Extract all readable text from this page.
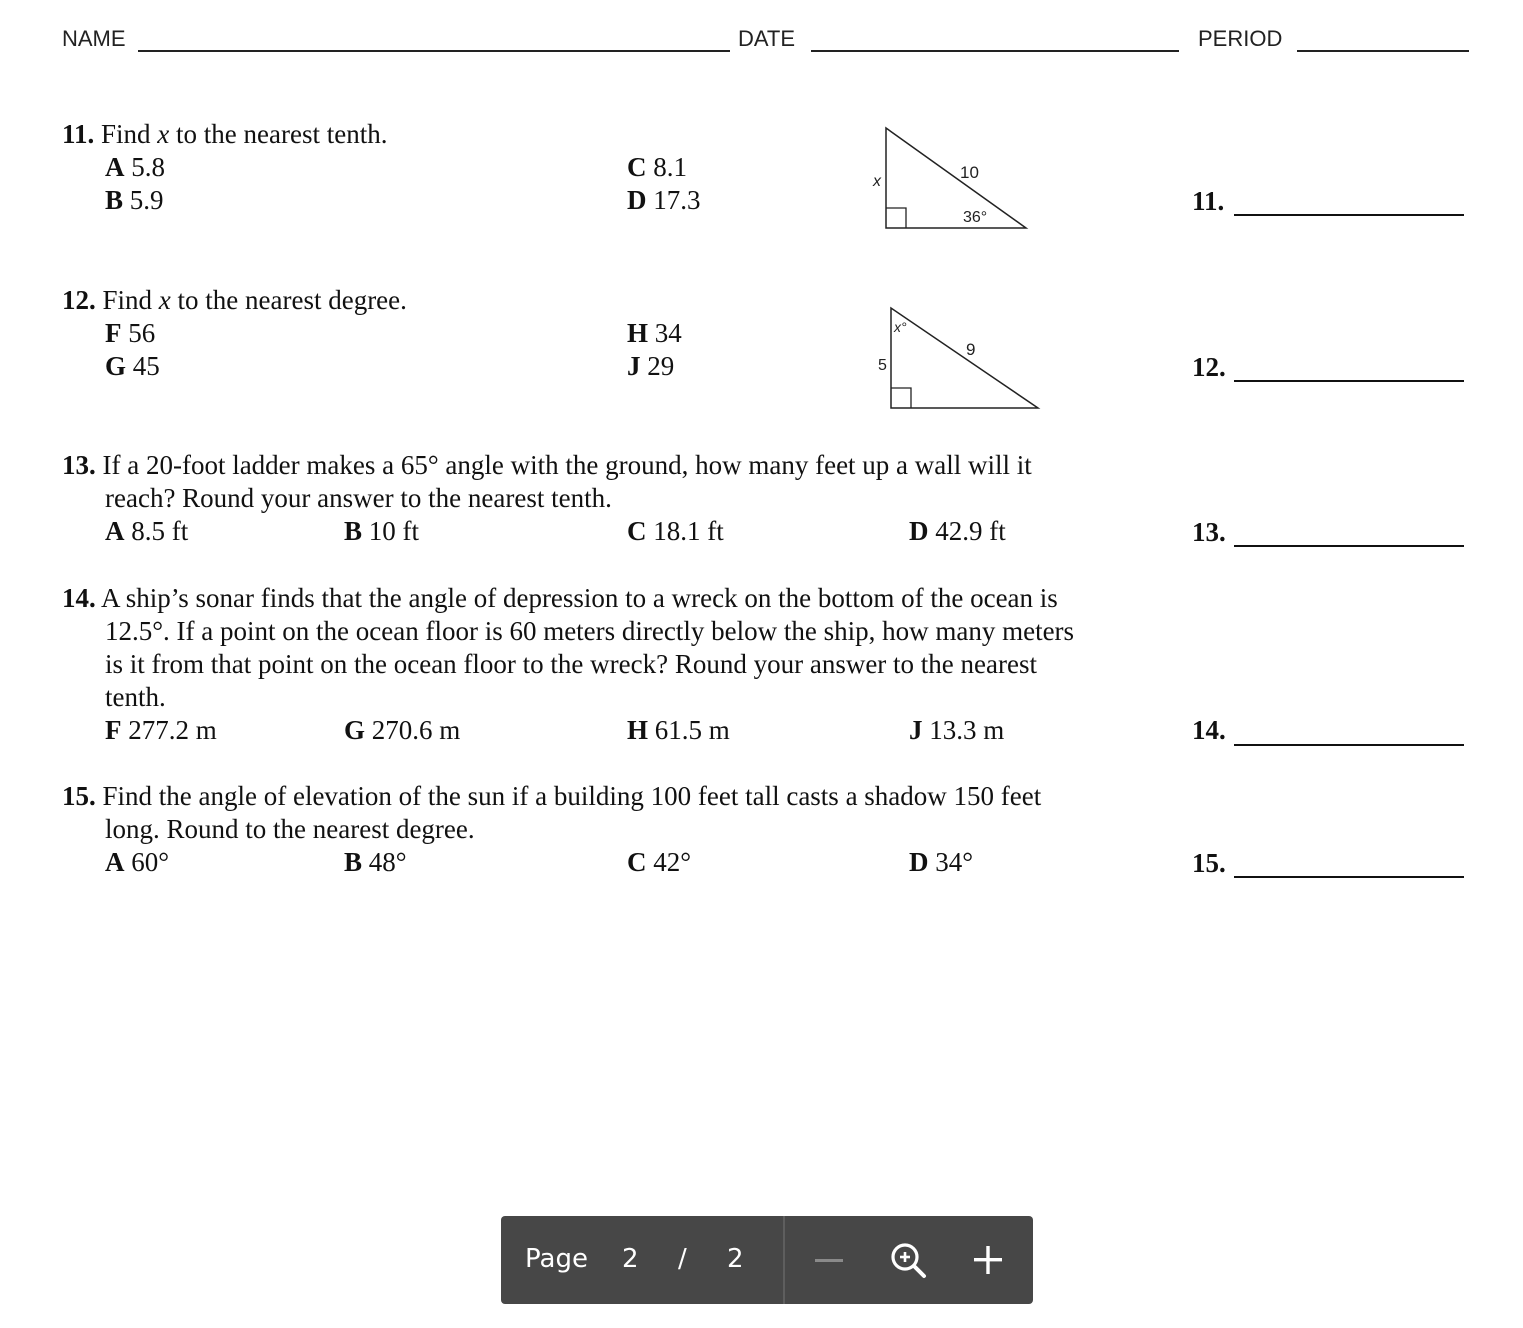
NAME	DATE	PERIOD
11. Find x to the nearest tenth.
A 5.8
B 5.9
C 8.1
D 17.3
x	10
36°
11.
12. Find x to the nearest degree.
F 56
G 45
H 34
J 29
x°
9
5	12.
13. If a 20-foot ladder makes a 65° angle with the ground, how many feet up a wall will it
reach? Round your answer to the nearest tenth.
A 8.5 ft	B 10 ft	C 18.1 ft	D 42.9 ft	13.
14. A ship’s sonar finds that the angle of depression to a wreck on the bottom of the ocean is
12.5°. If a point on the ocean floor is 60 meters directly below the ship, how many meters
is it from that point on the ocean floor to the wreck? Round your answer to the nearest
tenth.
F 277.2 m	G 270.6 m	H 61.5 m	J 13.3 m	14.
15. Find the angle of elevation of the sun if a building 100 feet tall casts a shadow 150 feet
long. Round to the nearest degree.
A 60°	B 48°	C 42°	D 34°	15.
Page 2 / 2
